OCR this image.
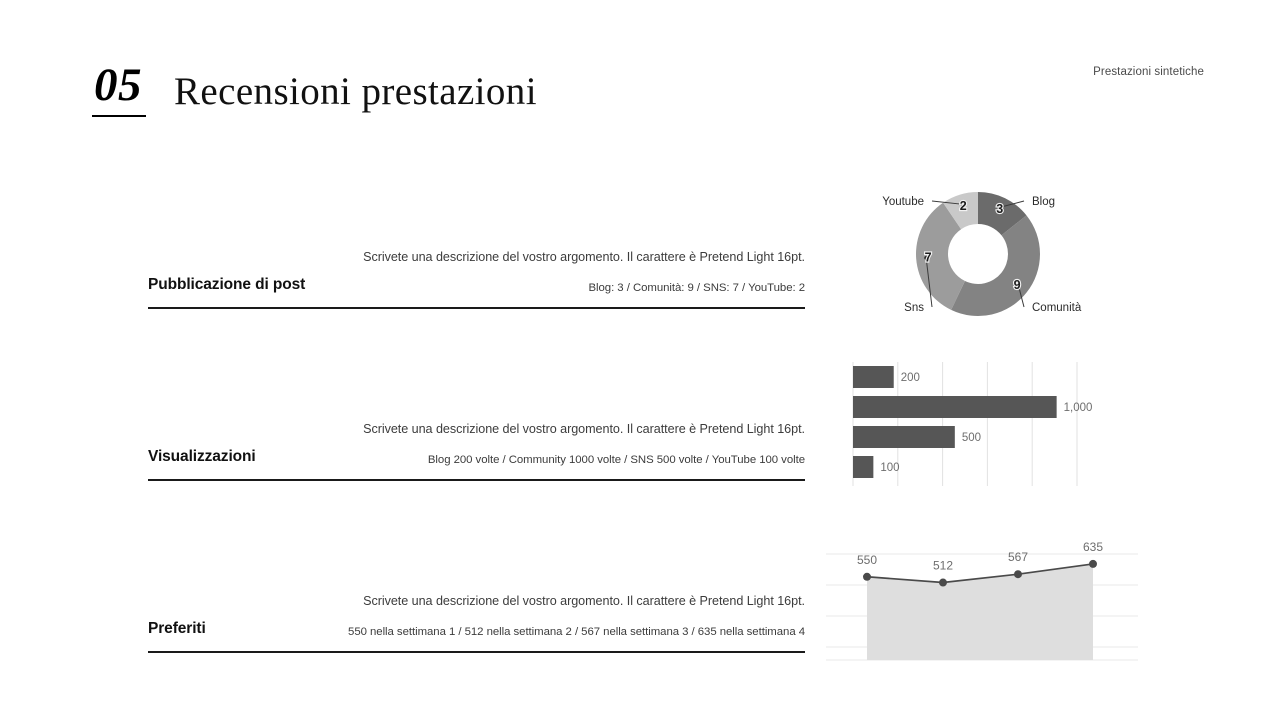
05 Recensioni prestazioni	Prestazioni sintetiche
Pubblicazione di post
Scrivete una descrizione del vostro argomento. Il carattere è Pretend Light 16pt.
Blog: 3 / Comunità: 9 / SNS: 7 / YouTube: 2
Visualizzazioni
Scrivete una descrizione del vostro argomento. Il carattere è Pretend Light 16pt.
Blog 200 volte / Community 1000 volte / SNS 500 volte / YouTube 100 volte
Preferiti
Scrivete una descrizione del vostro argomento. Il carattere è Pretend Light 16pt.
550 nella settimana 1 / 512 nella settimana 2 / 567 nella settimana 3 / 635 nella settimana 4
3
9
7
2	Blog
Comunità
Sns
Youtube
200
1,000
500
100
550	512
567
635
